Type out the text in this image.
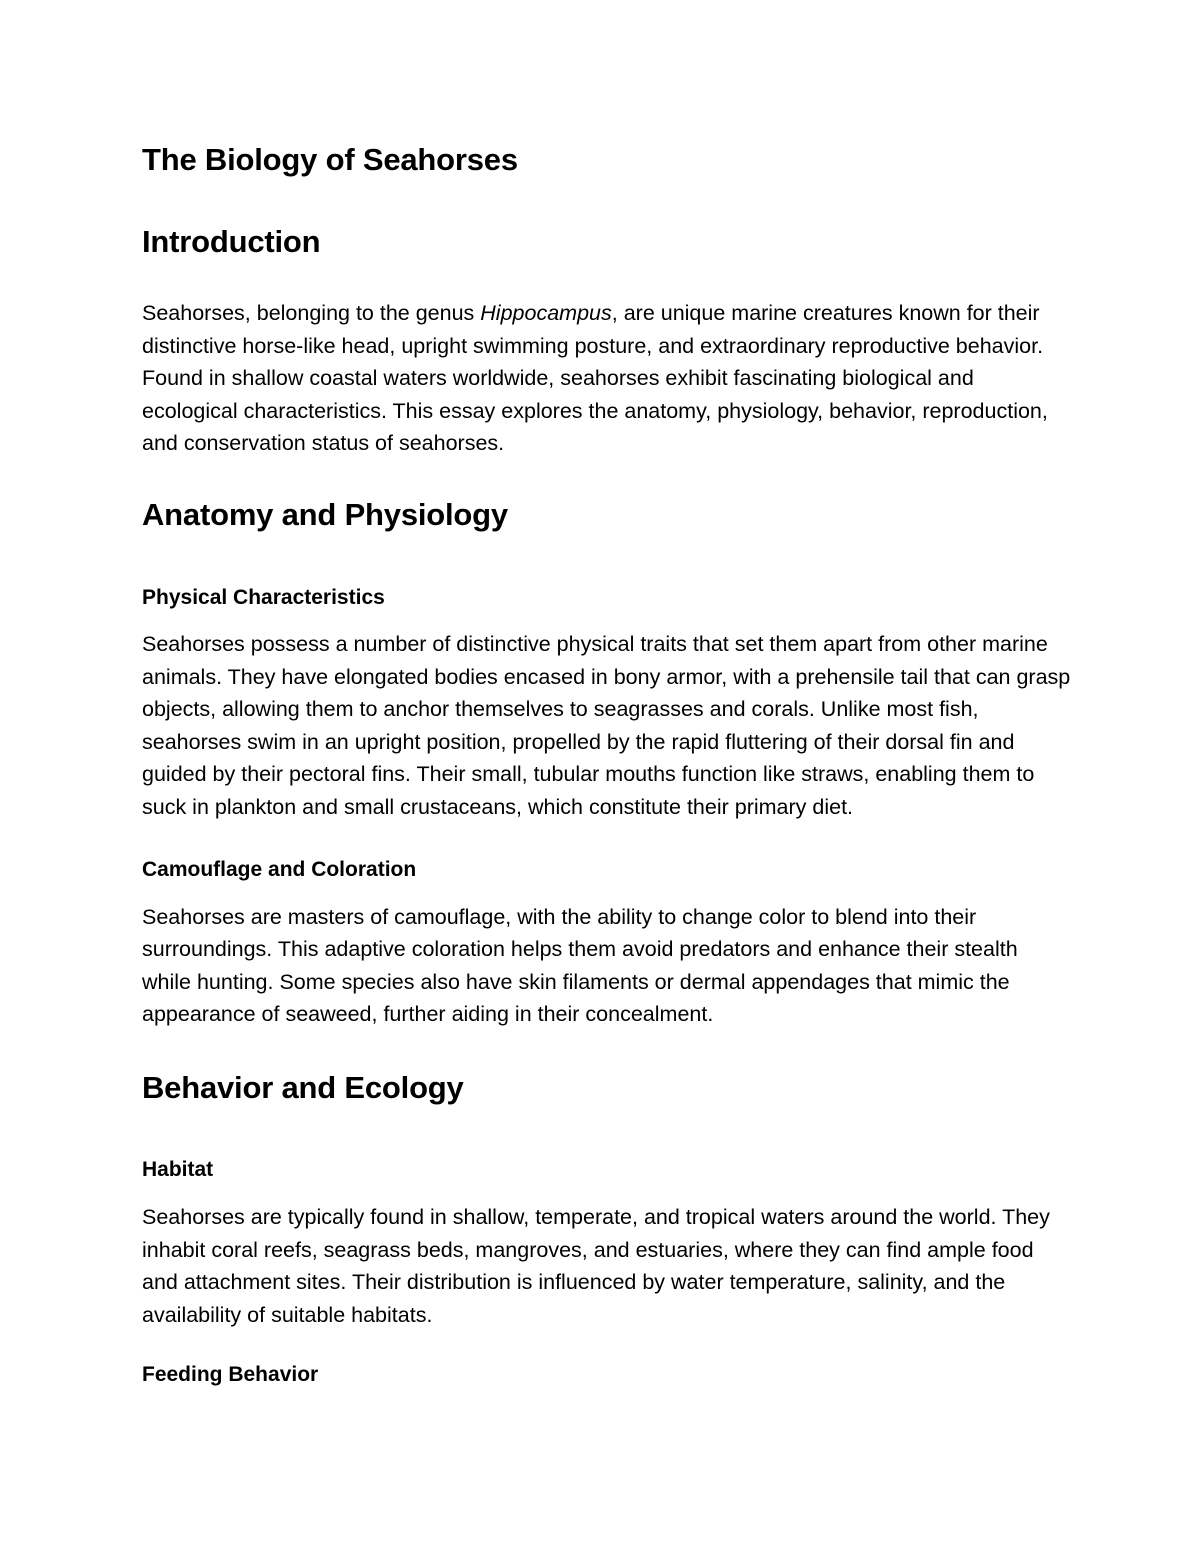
The Biology of Seahorses
Introduction

Seahorses, belonging to the genus Hippocampus, are unique marine creatures known for their distinctive horse-like head, upright swimming posture, and extraordinary reproductive behavior. Found in shallow coastal waters worldwide, seahorses exhibit fascinating biological and ecological characteristics. This essay explores the anatomy, physiology, behavior, reproduction, and conservation status of seahorses.

Anatomy and Physiology
Physical Characteristics

Seahorses possess a number of distinctive physical traits that set them apart from other marine animals. They have elongated bodies encased in bony armor, with a prehensile tail that can grasp objects, allowing them to anchor themselves to seagrasses and corals. Unlike most fish, seahorses swim in an upright position, propelled by the rapid fluttering of their dorsal fin and guided by their pectoral fins. Their small, tubular mouths function like straws, enabling them to suck in plankton and small crustaceans, which constitute their primary diet.

Camouflage and Coloration

Seahorses are masters of camouflage, with the ability to change color to blend into their surroundings. This adaptive coloration helps them avoid predators and enhance their stealth while hunting. Some species also have skin filaments or dermal appendages that mimic the appearance of seaweed, further aiding in their concealment.

Behavior and Ecology
Habitat

Seahorses are typically found in shallow, temperate, and tropical waters around the world. They inhabit coral reefs, seagrass beds, mangroves, and estuaries, where they can find ample food and attachment sites. Their distribution is influenced by water temperature, salinity, and the availability of suitable habitats.

Feeding Behavior
